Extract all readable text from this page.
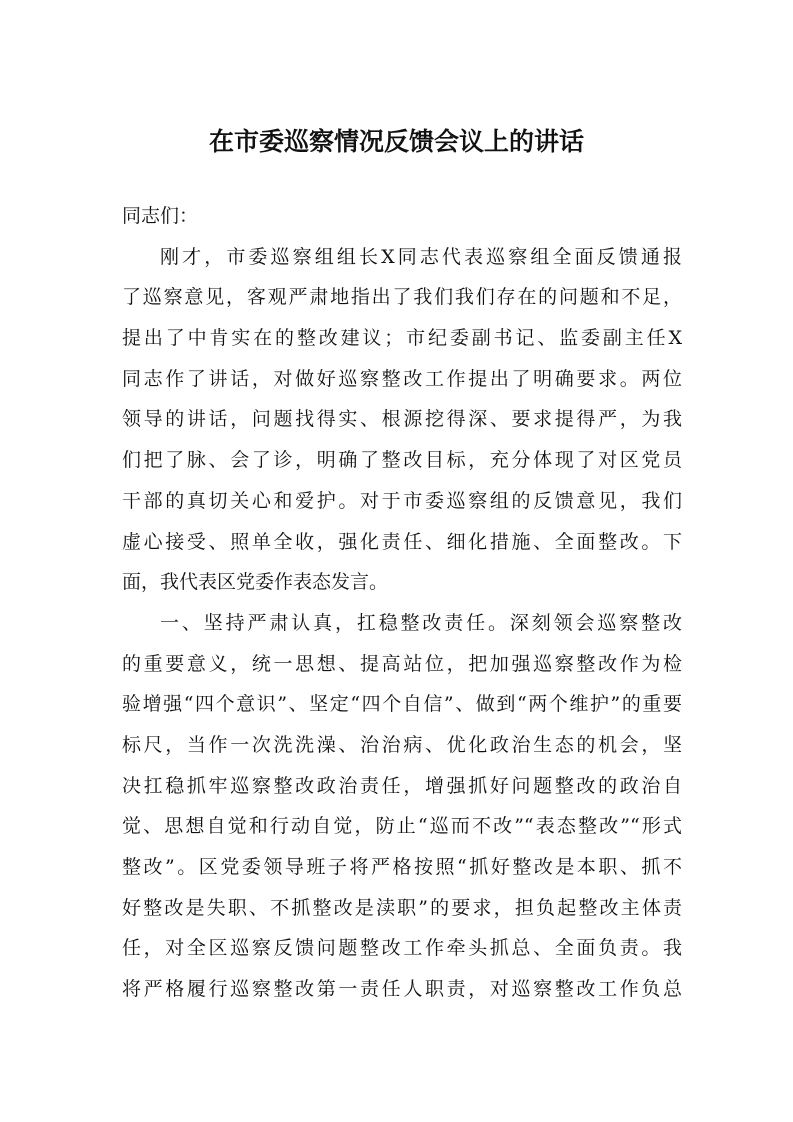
在市委巡察情况反馈会议上的讲话
同志们：
刚才，市委巡察组组长X同志代表巡察组全面反馈通报
了巡察意见，客观严肃地指出了我们我们存在的问题和不足，
提出了中肯实在的整改建议；市纪委副书记、监委副主任X
同志作了讲话，对做好巡察整改工作提出了明确要求。两位
领导的讲话，问题找得实、根源挖得深、要求提得严，为我
们把了脉、会了诊，明确了整改目标，充分体现了对区党员
干部的真切关心和爱护。对于市委巡察组的反馈意见，我们
虚心接受、照单全收，强化责任、细化措施、全面整改。下
面，我代表区党委作表态发言。
一、坚持严肃认真，扛稳整改责任。深刻领会巡察整改
的重要意义，统一思想、提高站位，把加强巡察整改作为检
验增强“四个意识”、坚定“四个自信”、做到“两个维护”的重要
标尺，当作一次洗洗澡、治治病、优化政治生态的机会，坚
决扛稳抓牢巡察整改政治责任，增强抓好问题整改的政治自
觉、思想自觉和行动自觉，防止“巡而不改”“表态整改”“形式
整改”。区党委领导班子将严格按照“抓好整改是本职、抓不
好整改是失职、不抓整改是渎职”的要求，担负起整改主体责
任，对全区巡察反馈问题整改工作牵头抓总、全面负责。我
将严格履行巡察整改第一责任人职责，对巡察整改工作负总
